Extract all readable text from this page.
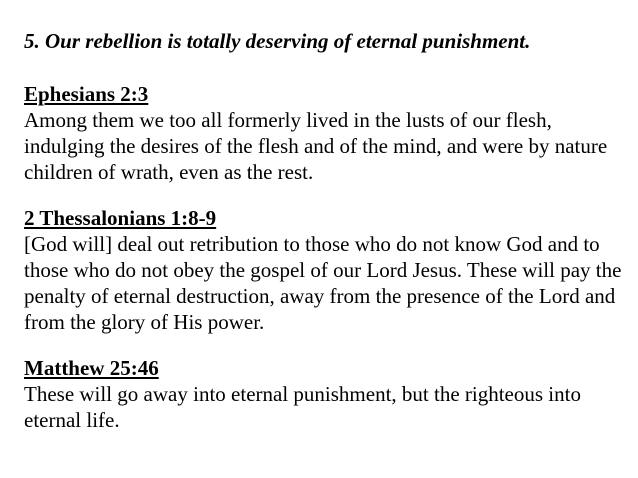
5. Our rebellion is totally deserving of eternal punishment.
Ephesians 2:3
Among them we too all formerly lived in the lusts of our flesh,
indulging the desires of the flesh and of the mind, and were by nature
children of wrath, even as the rest.
2 Thessalonians 1:8-9
[God will] deal out retribution to those who do not know God and to
those who do not obey the gospel of our Lord Jesus. These will pay the
penalty of eternal destruction, away from the presence of the Lord and
from the glory of His power.
Matthew 25:46
These will go away into eternal punishment, but the righteous into
eternal life.
